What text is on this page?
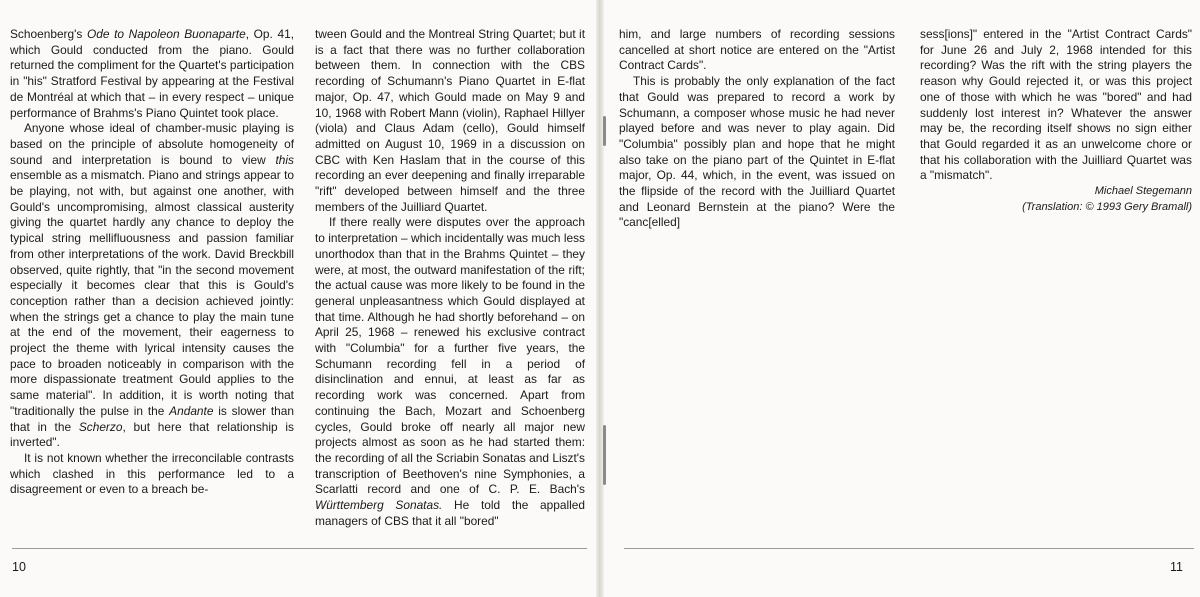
Schoenberg's Ode to Napoleon Buonaparte, Op. 41, which Gould conducted from the piano. Gould returned the compliment for the Quartet's participation in "his" Stratford Festival by appearing at the Festival de Montréal at which that – in every respect – unique performance of Brahms's Piano Quintet took place.

Anyone whose ideal of chamber-music playing is based on the principle of absolute homogeneity of sound and interpretation is bound to view this ensemble as a mismatch. Piano and strings appear to be playing, not with, but against one another, with Gould's uncompromising, almost classical austerity giving the quartet hardly any chance to deploy the typical string mellifluousness and passion familiar from other interpretations of the work. David Breckbill observed, quite rightly, that "in the second movement especially it becomes clear that this is Gould's conception rather than a decision achieved jointly: when the strings get a chance to play the main tune at the end of the movement, their eagerness to project the theme with lyrical intensity causes the pace to broaden noticeably in comparison with the more dispassionate treatment Gould applies to the same material". In addition, it is worth noting that "traditionally the pulse in the Andante is slower than that in the Scherzo, but here that relationship is inverted".

It is not known whether the irreconcilable contrasts which clashed in this performance led to a disagreement or even to a breach be-

tween Gould and the Montreal String Quartet; but it is a fact that there was no further collaboration between them. In connection with the CBS recording of Schumann's Piano Quartet in E-flat major, Op. 47, which Gould made on May 9 and 10, 1968 with Robert Mann (violin), Raphael Hillyer (viola) and Claus Adam (cello), Gould himself admitted on August 10, 1969 in a discussion on CBC with Ken Haslam that in the course of this recording an ever deepening and finally irreparable "rift" developed between himself and the three members of the Juilliard Quartet.

If there really were disputes over the approach to interpretation – which incidentally was much less unorthodox than that in the Brahms Quintet – they were, at most, the outward manifestation of the rift; the actual cause was more likely to be found in the general unpleasantness which Gould displayed at that time. Although he had shortly beforehand – on April 25, 1968 – renewed his exclusive contract with "Columbia" for a further five years, the Schumann recording fell in a period of disinclination and ennui, at least as far as recording work was concerned. Apart from continuing the Bach, Mozart and Schoenberg cycles, Gould broke off nearly all major new projects almost as soon as he had started them: the recording of all the Scriabin Sonatas and Liszt's transcription of Beethoven's nine Symphonies, a Scarlatti record and one of C. P. E. Bach's Württemberg Sonatas. He told the appalled managers of CBS that it all "bored"

him, and large numbers of recording sessions cancelled at short notice are entered on the "Artist Contract Cards".

This is probably the only explanation of the fact that Gould was prepared to record a work by Schumann, a composer whose music he had never played before and was never to play again. Did "Columbia" possibly plan and hope that he might also take on the piano part of the Quintet in E-flat major, Op. 44, which, in the event, was issued on the flipside of the record with the Juilliard Quartet and Leonard Bernstein at the piano? Were the "canc[elled]

sess[ions]" entered in the "Artist Contract Cards" for June 26 and July 2, 1968 intended for this recording? Was the rift with the string players the reason why Gould rejected it, or was this project one of those with which he was "bored" and had suddenly lost interest in? Whatever the answer may be, the recording itself shows no sign either that Gould regarded it as an unwelcome chore or that his collaboration with the Juilliard Quartet was a "mismatch".

Michael Stegemann
(Translation: © 1993 Gery Bramall)
10	11
